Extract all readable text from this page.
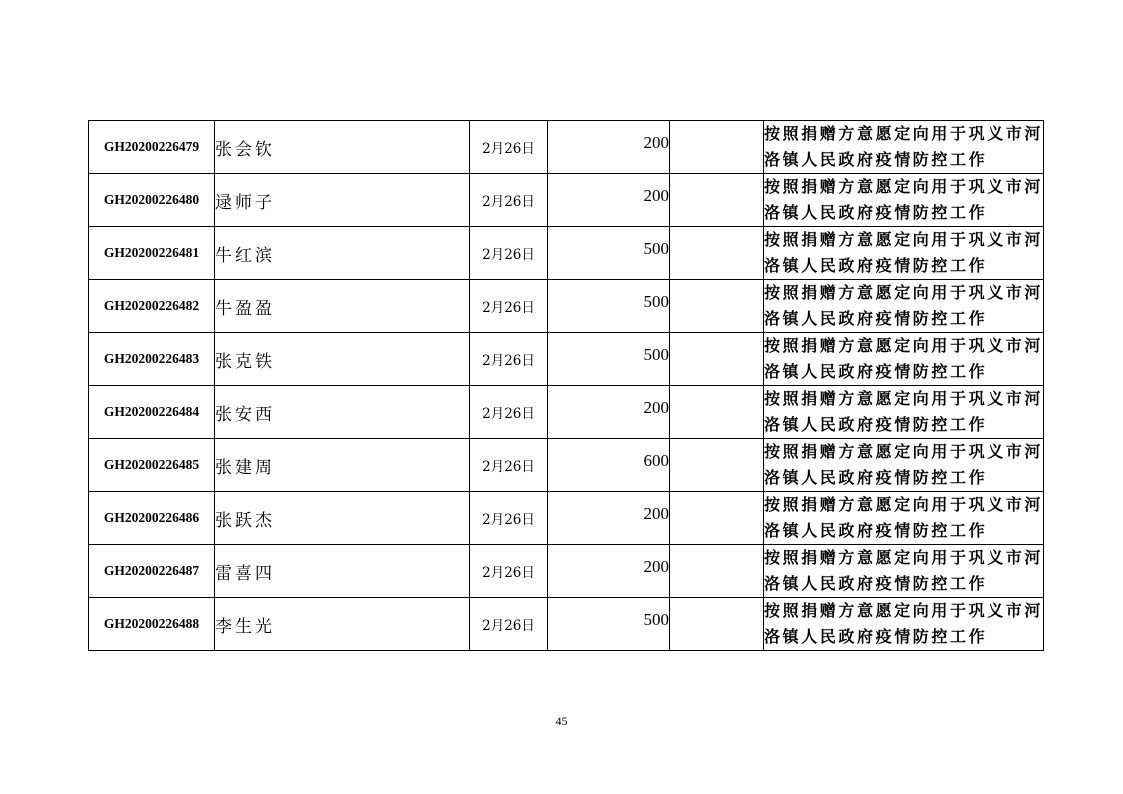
GH20200226479	张会钦	2月26日	200		按照捐赠方意愿定向用于巩义市河洛镇人民政府疫情防控工作
GH20200226480	逯师子	2月26日	200		按照捐赠方意愿定向用于巩义市河洛镇人民政府疫情防控工作
GH20200226481	牛红滨	2月26日	500		按照捐赠方意愿定向用于巩义市河洛镇人民政府疫情防控工作
GH20200226482	牛盈盈	2月26日	500		按照捐赠方意愿定向用于巩义市河洛镇人民政府疫情防控工作
GH20200226483	张克铁	2月26日	500		按照捐赠方意愿定向用于巩义市河洛镇人民政府疫情防控工作
GH20200226484	张安西	2月26日	200		按照捐赠方意愿定向用于巩义市河洛镇人民政府疫情防控工作
GH20200226485	张建周	2月26日	600		按照捐赠方意愿定向用于巩义市河洛镇人民政府疫情防控工作
GH20200226486	张跃杰	2月26日	200		按照捐赠方意愿定向用于巩义市河洛镇人民政府疫情防控工作
GH20200226487	雷喜四	2月26日	200		按照捐赠方意愿定向用于巩义市河洛镇人民政府疫情防控工作
GH20200226488	李生光	2月26日	500		按照捐赠方意愿定向用于巩义市河洛镇人民政府疫情防控工作
45
